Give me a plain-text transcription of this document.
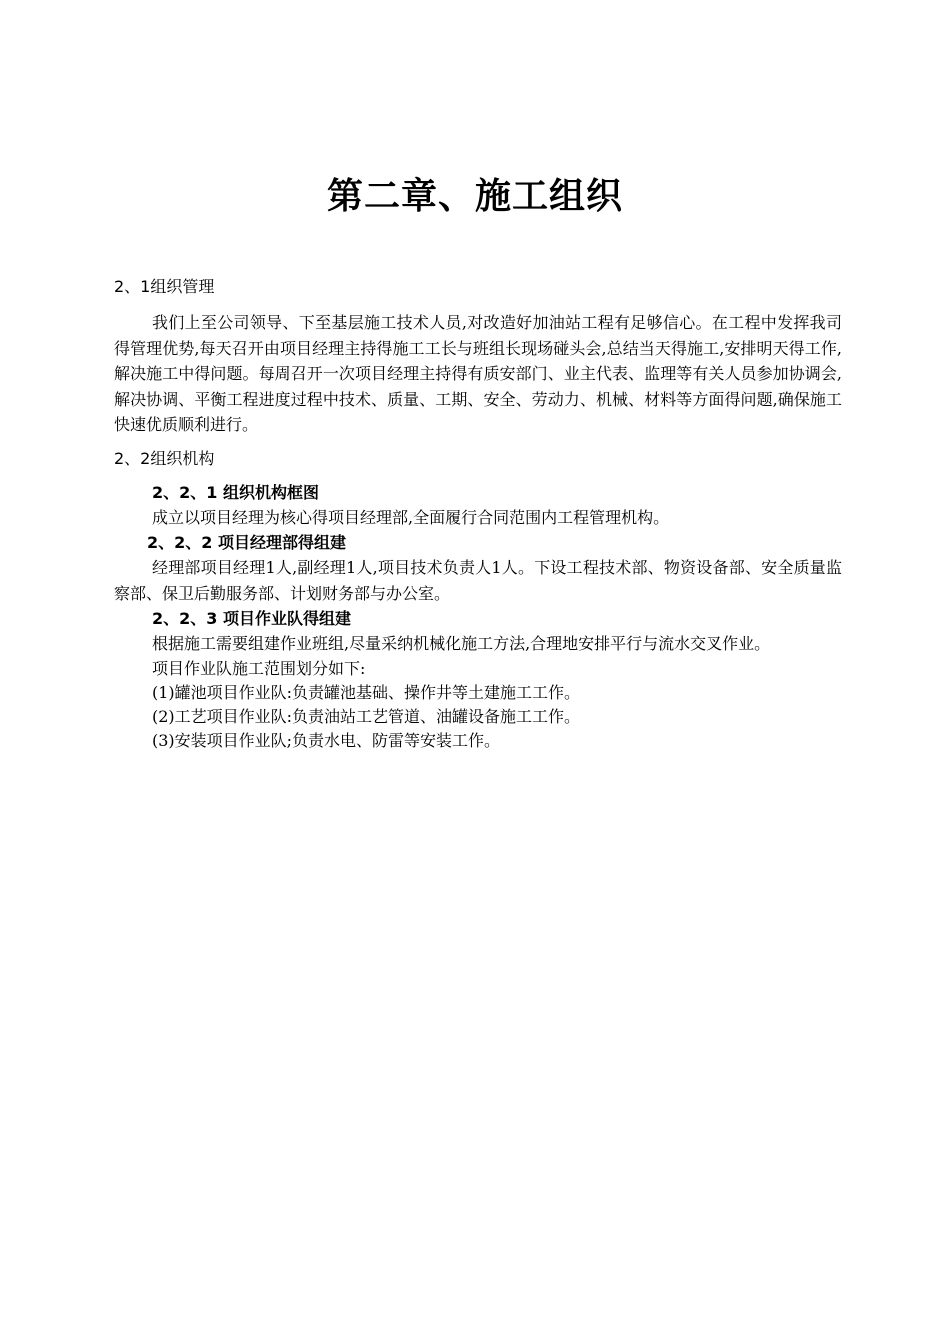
第二章、施工组织

2、1组织管理

我们上至公司领导、下至基层施工技术人员,对改造好加油站工程有足够信心。在工程中发挥我司得管理优势,每天召开由项目经理主持得施工工长与班组长现场碰头会,总结当天得施工,安排明天得工作,解决施工中得问题。每周召开一次项目经理主持得有质安部门、业主代表、监理等有关人员参加协调会,解决协调、平衡工程进度过程中技术、质量、工期、安全、劳动力、机械、材料等方面得问题,确保施工快速优质顺利进行。

2、2组织机构

2、2、1 组织机构框图

成立以项目经理为核心得项目经理部,全面履行合同范围内工程管理机构。

2、2、2 项目经理部得组建

经理部项目经理1人,副经理1人,项目技术负责人1人。下设工程技术部、物资设备部、安全质量监察部、保卫后勤服务部、计划财务部与办公室。

2、2、3 项目作业队得组建

根据施工需要组建作业班组,尽量采纳机械化施工方法,合理地安排平行与流水交叉作业。

项目作业队施工范围划分如下:

(1)罐池项目作业队:负责罐池基础、操作井等土建施工工作。

(2)工艺项目作业队:负责油站工艺管道、油罐设备施工工作。

(3)安装项目作业队;负责水电、防雷等安装工作。
